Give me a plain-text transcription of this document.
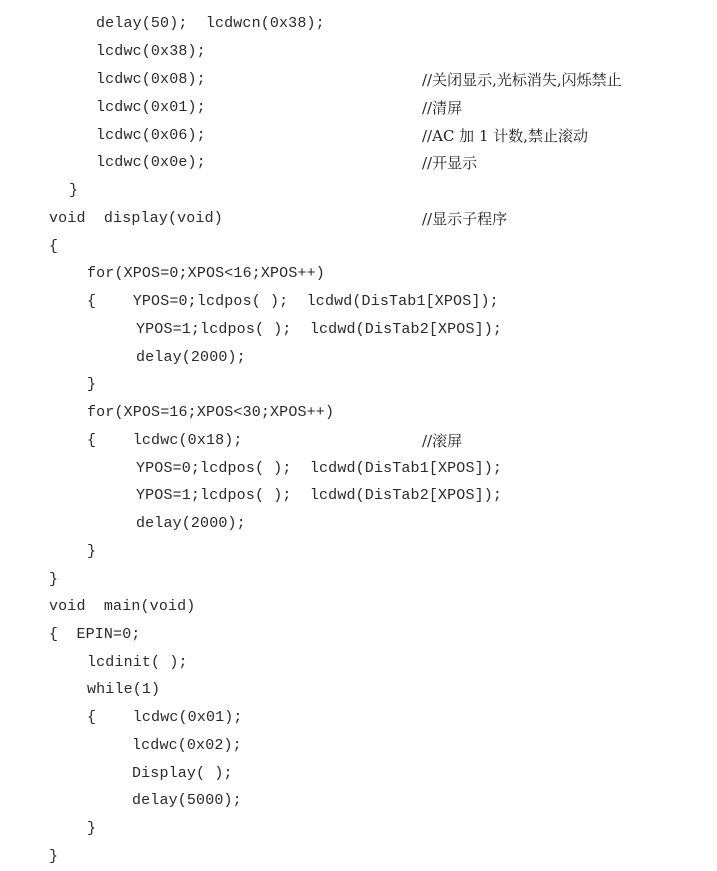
delay(50);  lcdwcn(0x38);
lcdwc(0x38);
lcdwc(0x08);	//关闭显示,光标消失,闪烁禁止
lcdwc(0x01);	//清屏
lcdwc(0x06);	//AC 加 1 计数,禁止滚动
lcdwc(0x0e);	//开显示
}
void  display(void)	//显示子程序
{
for(XPOS=0;XPOS<16;XPOS++)
{    YPOS=0;lcdpos( );  lcdwd(DisTab1[XPOS]);
YPOS=1;lcdpos( );  lcdwd(DisTab2[XPOS]);
delay(2000);
}
for(XPOS=16;XPOS<30;XPOS++)
{    lcdwc(0x18);	//滚屏
YPOS=0;lcdpos( );  lcdwd(DisTab1[XPOS]);
YPOS=1;lcdpos( );  lcdwd(DisTab2[XPOS]);
delay(2000);
}
}
void  main(void)
{  EPIN=0;
lcdinit( );
while(1)
{    lcdwc(0x01);
lcdwc(0x02);
Display( );
delay(5000);
}
}
